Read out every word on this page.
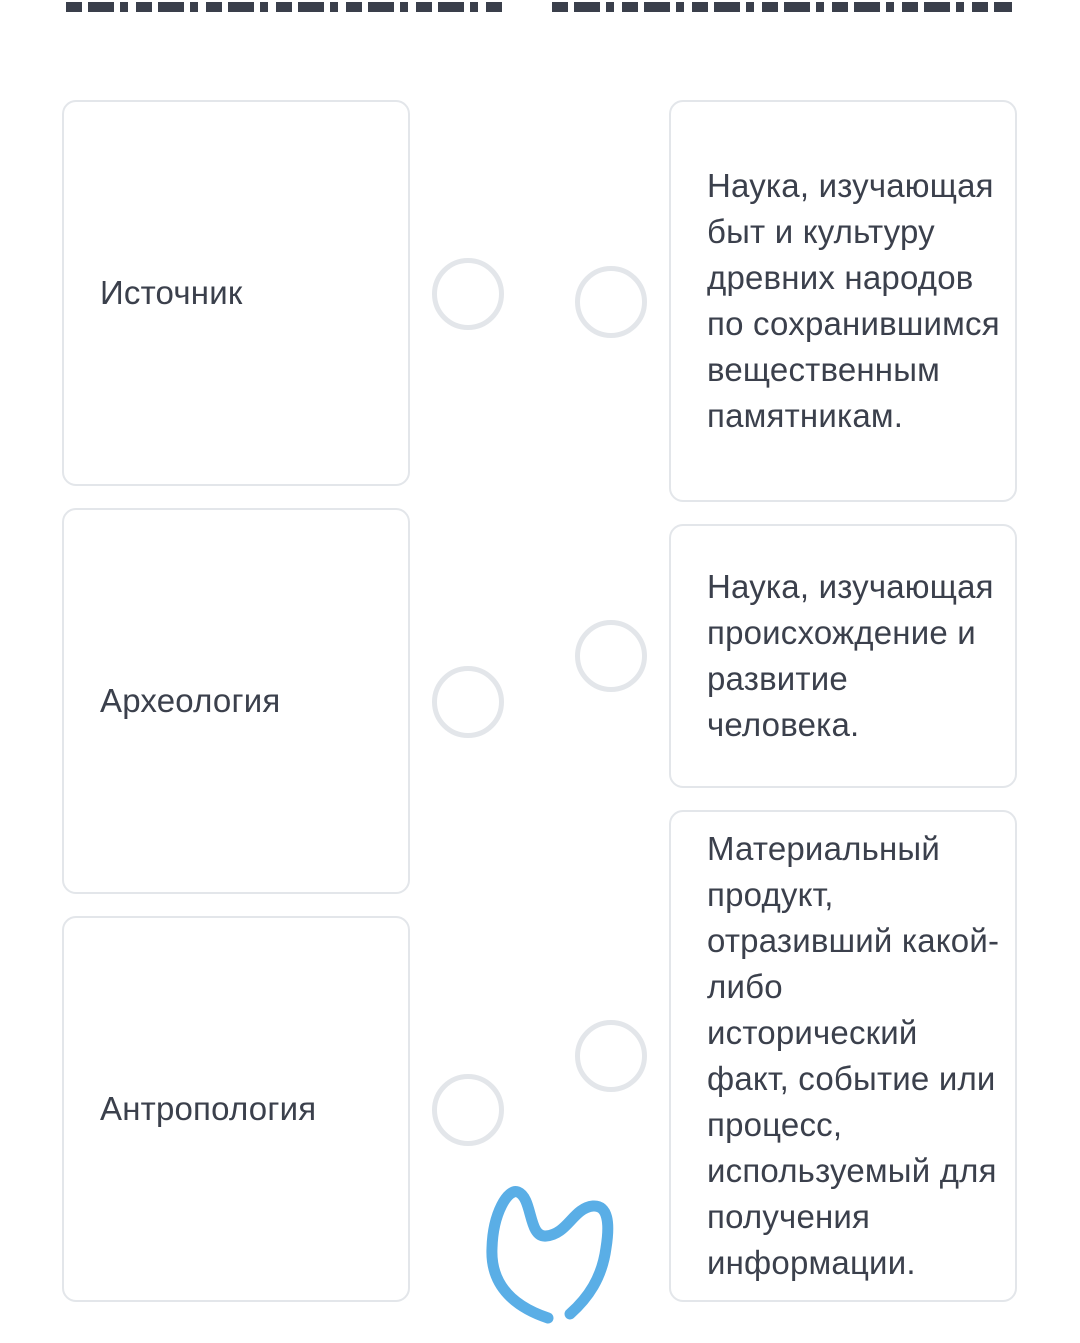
Источник
Археология
Антропология
Наука, изучающая быт и культуру древних народов по сохранившимся вещественным памятникам.
Наука, изучающая происхождение и развитие человека.
Материальный продукт, отразивший какой-либо исторический факт, событие или процесс, используемый для получения информации.
